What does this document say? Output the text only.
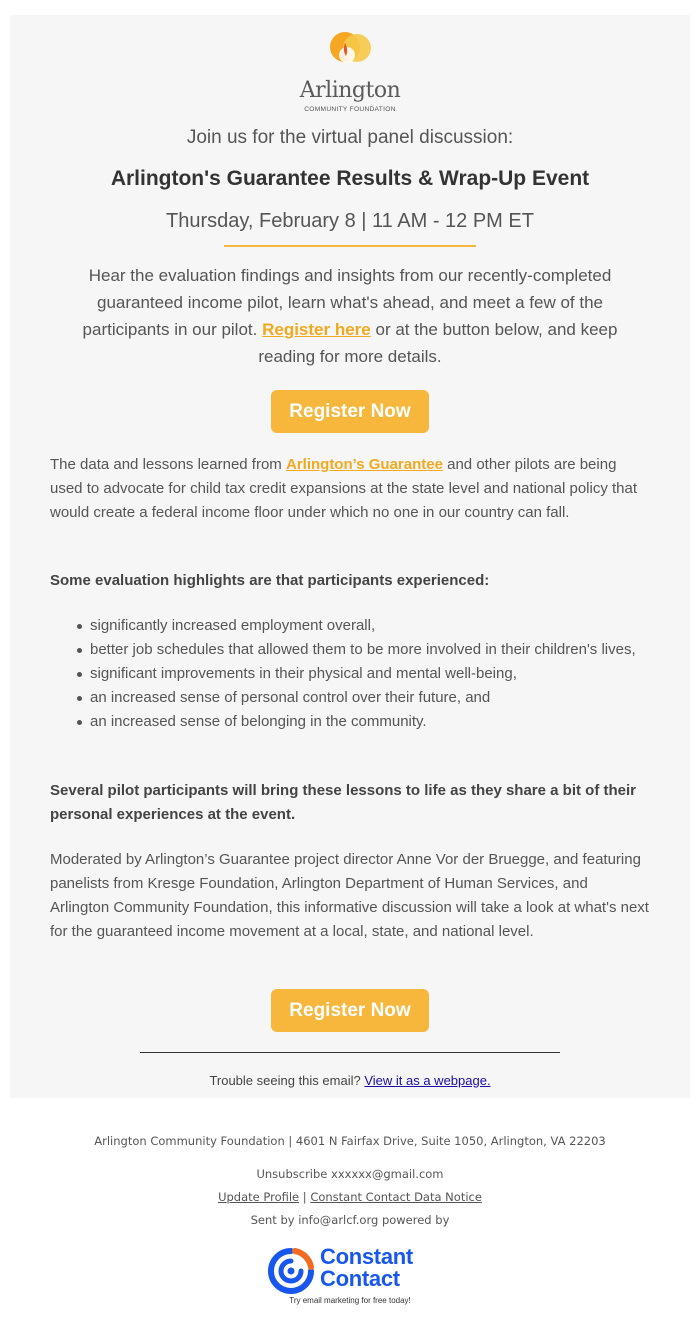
Arlington
COMMUNITY FOUNDATION
Join us for the virtual panel discussion:
Arlington's Guarantee Results & Wrap-Up Event
Thursday, February 8 | 11 AM - 12 PM ET

Hear the evaluation findings and insights from our recently-completed guaranteed income pilot, learn what's ahead, and meet a few of the participants in our pilot. Register here or at the button below, and keep reading for more details.

Register Now

The data and lessons learned from Arlington’s Guarantee and other pilots are being used to advocate for child tax credit expansions at the state level and national policy that would create a federal income floor under which no one in our country can fall.

Some evaluation highlights are that participants experienced:

significantly increased employment overall,
better job schedules that allowed them to be more involved in their children's lives,
significant improvements in their physical and mental well-being,
an increased sense of personal control over their future, and
an increased sense of belonging in the community.

Several pilot participants will bring these lessons to life as they share a bit of their personal experiences at the event.

Moderated by Arlington’s Guarantee project director Anne Vor der Bruegge, and featuring panelists from Kresge Foundation, Arlington Department of Human Services, and Arlington Community Foundation, this informative discussion will take a look at what's next for the guaranteed income movement at a local, state, and national level.

Register Now
Trouble seeing this email? View it as a webpage.
Arlington Community Foundation | 4601 N Fairfax Drive, Suite 1050, Arlington, VA 22203
Unsubscribe xxxxxx@gmail.com
Update Profile | Constant Contact Data Notice
Sent by info@arlcf.org powered by
Constant
Contact
Try email marketing for free today!
